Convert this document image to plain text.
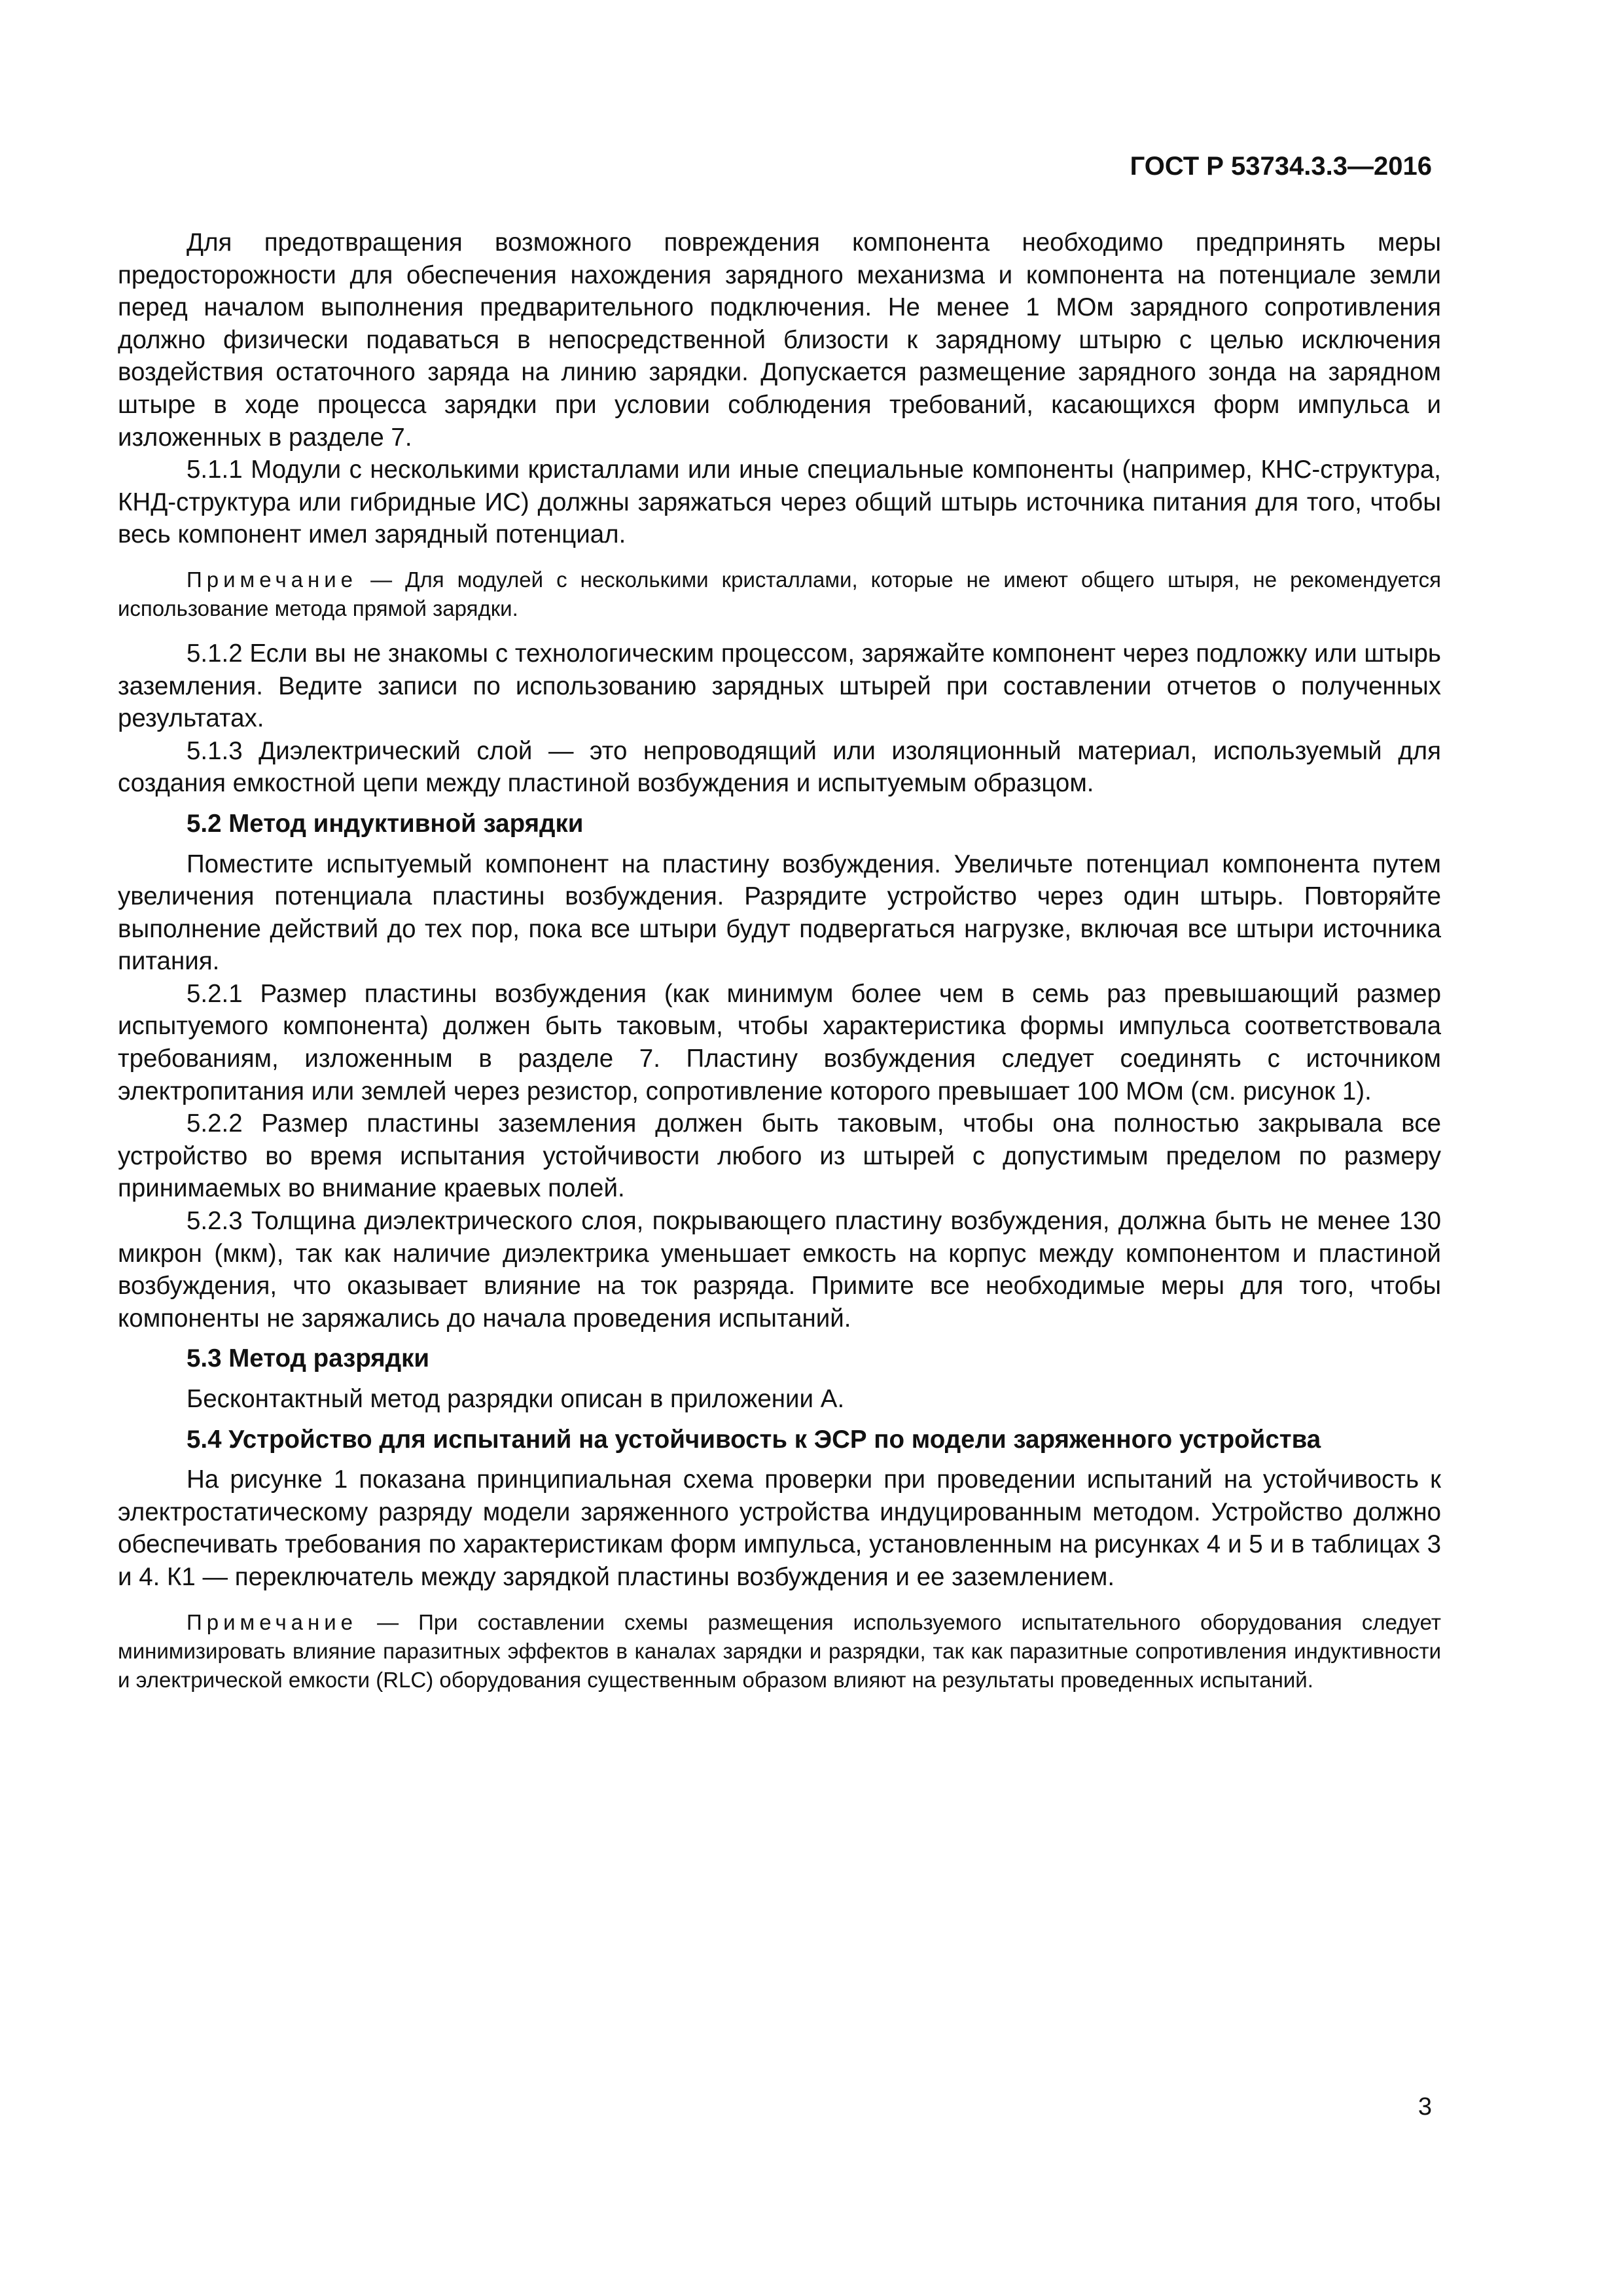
ГОСТ Р 53734.3.3—2016

Для предотвращения возможного повреждения компонента необходимо предпринять меры предосторожности для обеспечения нахождения зарядного механизма и компонента на потенциале земли перед началом выполнения предварительного подключения. Не менее 1 МОм зарядного сопротивления должно физически подаваться в непосредственной близости к зарядному штырю с целью исключения воздействия остаточного заряда на линию зарядки. Допускается размещение зарядного зонда на зарядном штыре в ходе процесса зарядки при условии соблюдения требований, касающихся форм импульса и изложенных в разделе 7.

5.1.1 Модули с несколькими кристаллами или иные специальные компоненты (например, КНС-структура, КНД-структура или гибридные ИС) должны заряжаться через общий штырь источника питания для того, чтобы весь компонент имел зарядный потенциал.

Примечание — Для модулей с несколькими кристаллами, которые не имеют общего штыря, не рекомендуется использование метода прямой зарядки.

5.1.2 Если вы не знакомы с технологическим процессом, заряжайте компонент через подложку или штырь заземления. Ведите записи по использованию зарядных штырей при составлении отчетов о полученных результатах.

5.1.3 Диэлектрический слой — это непроводящий или изоляционный материал, используемый для создания емкостной цепи между пластиной возбуждения и испытуемым образцом.

5.2 Метод индуктивной зарядки

Поместите испытуемый компонент на пластину возбуждения. Увеличьте потенциал компонента путем увеличения потенциала пластины возбуждения. Разрядите устройство через один штырь. Повторяйте выполнение действий до тех пор, пока все штыри будут подвергаться нагрузке, включая все штыри источника питания.

5.2.1 Размер пластины возбуждения (как минимум более чем в семь раз превышающий размер испытуемого компонента) должен быть таковым, чтобы характеристика формы импульса соответствовала требованиям, изложенным в разделе 7. Пластину возбуждения следует соединять с источником электропитания или землей через резистор, сопротивление которого превышает 100 МОм (см. рисунок 1).

5.2.2 Размер пластины заземления должен быть таковым, чтобы она полностью закрывала все устройство во время испытания устойчивости любого из штырей с допустимым пределом по размеру принимаемых во внимание краевых полей.

5.2.3 Толщина диэлектрического слоя, покрывающего пластину возбуждения, должна быть не менее 130 микрон (мкм), так как наличие диэлектрика уменьшает емкость на корпус между компонентом и пластиной возбуждения, что оказывает влияние на ток разряда. Примите все необходимые меры для того, чтобы компоненты не заряжались до начала проведения испытаний.

5.3 Метод разрядки

Бесконтактный метод разрядки описан в приложении А.

5.4 Устройство для испытаний на устойчивость к ЭСР по модели заряженного устройства

На рисунке 1 показана принципиальная схема проверки при проведении испытаний на устойчивость к электростатическому разряду модели заряженного устройства индуцированным методом. Устройство должно обеспечивать требования по характеристикам форм импульса, установленным на рисунках 4 и 5 и в таблицах 3 и 4. К1 — переключатель между зарядкой пластины возбуждения и ее заземлением.

Примечание — При составлении схемы размещения используемого испытательного оборудования следует минимизировать влияние паразитных эффектов в каналах зарядки и разрядки, так как паразитные сопротивления индуктивности и электрической емкости (RLC) оборудования существенным образом влияют на результаты проведенных испытаний.

3
